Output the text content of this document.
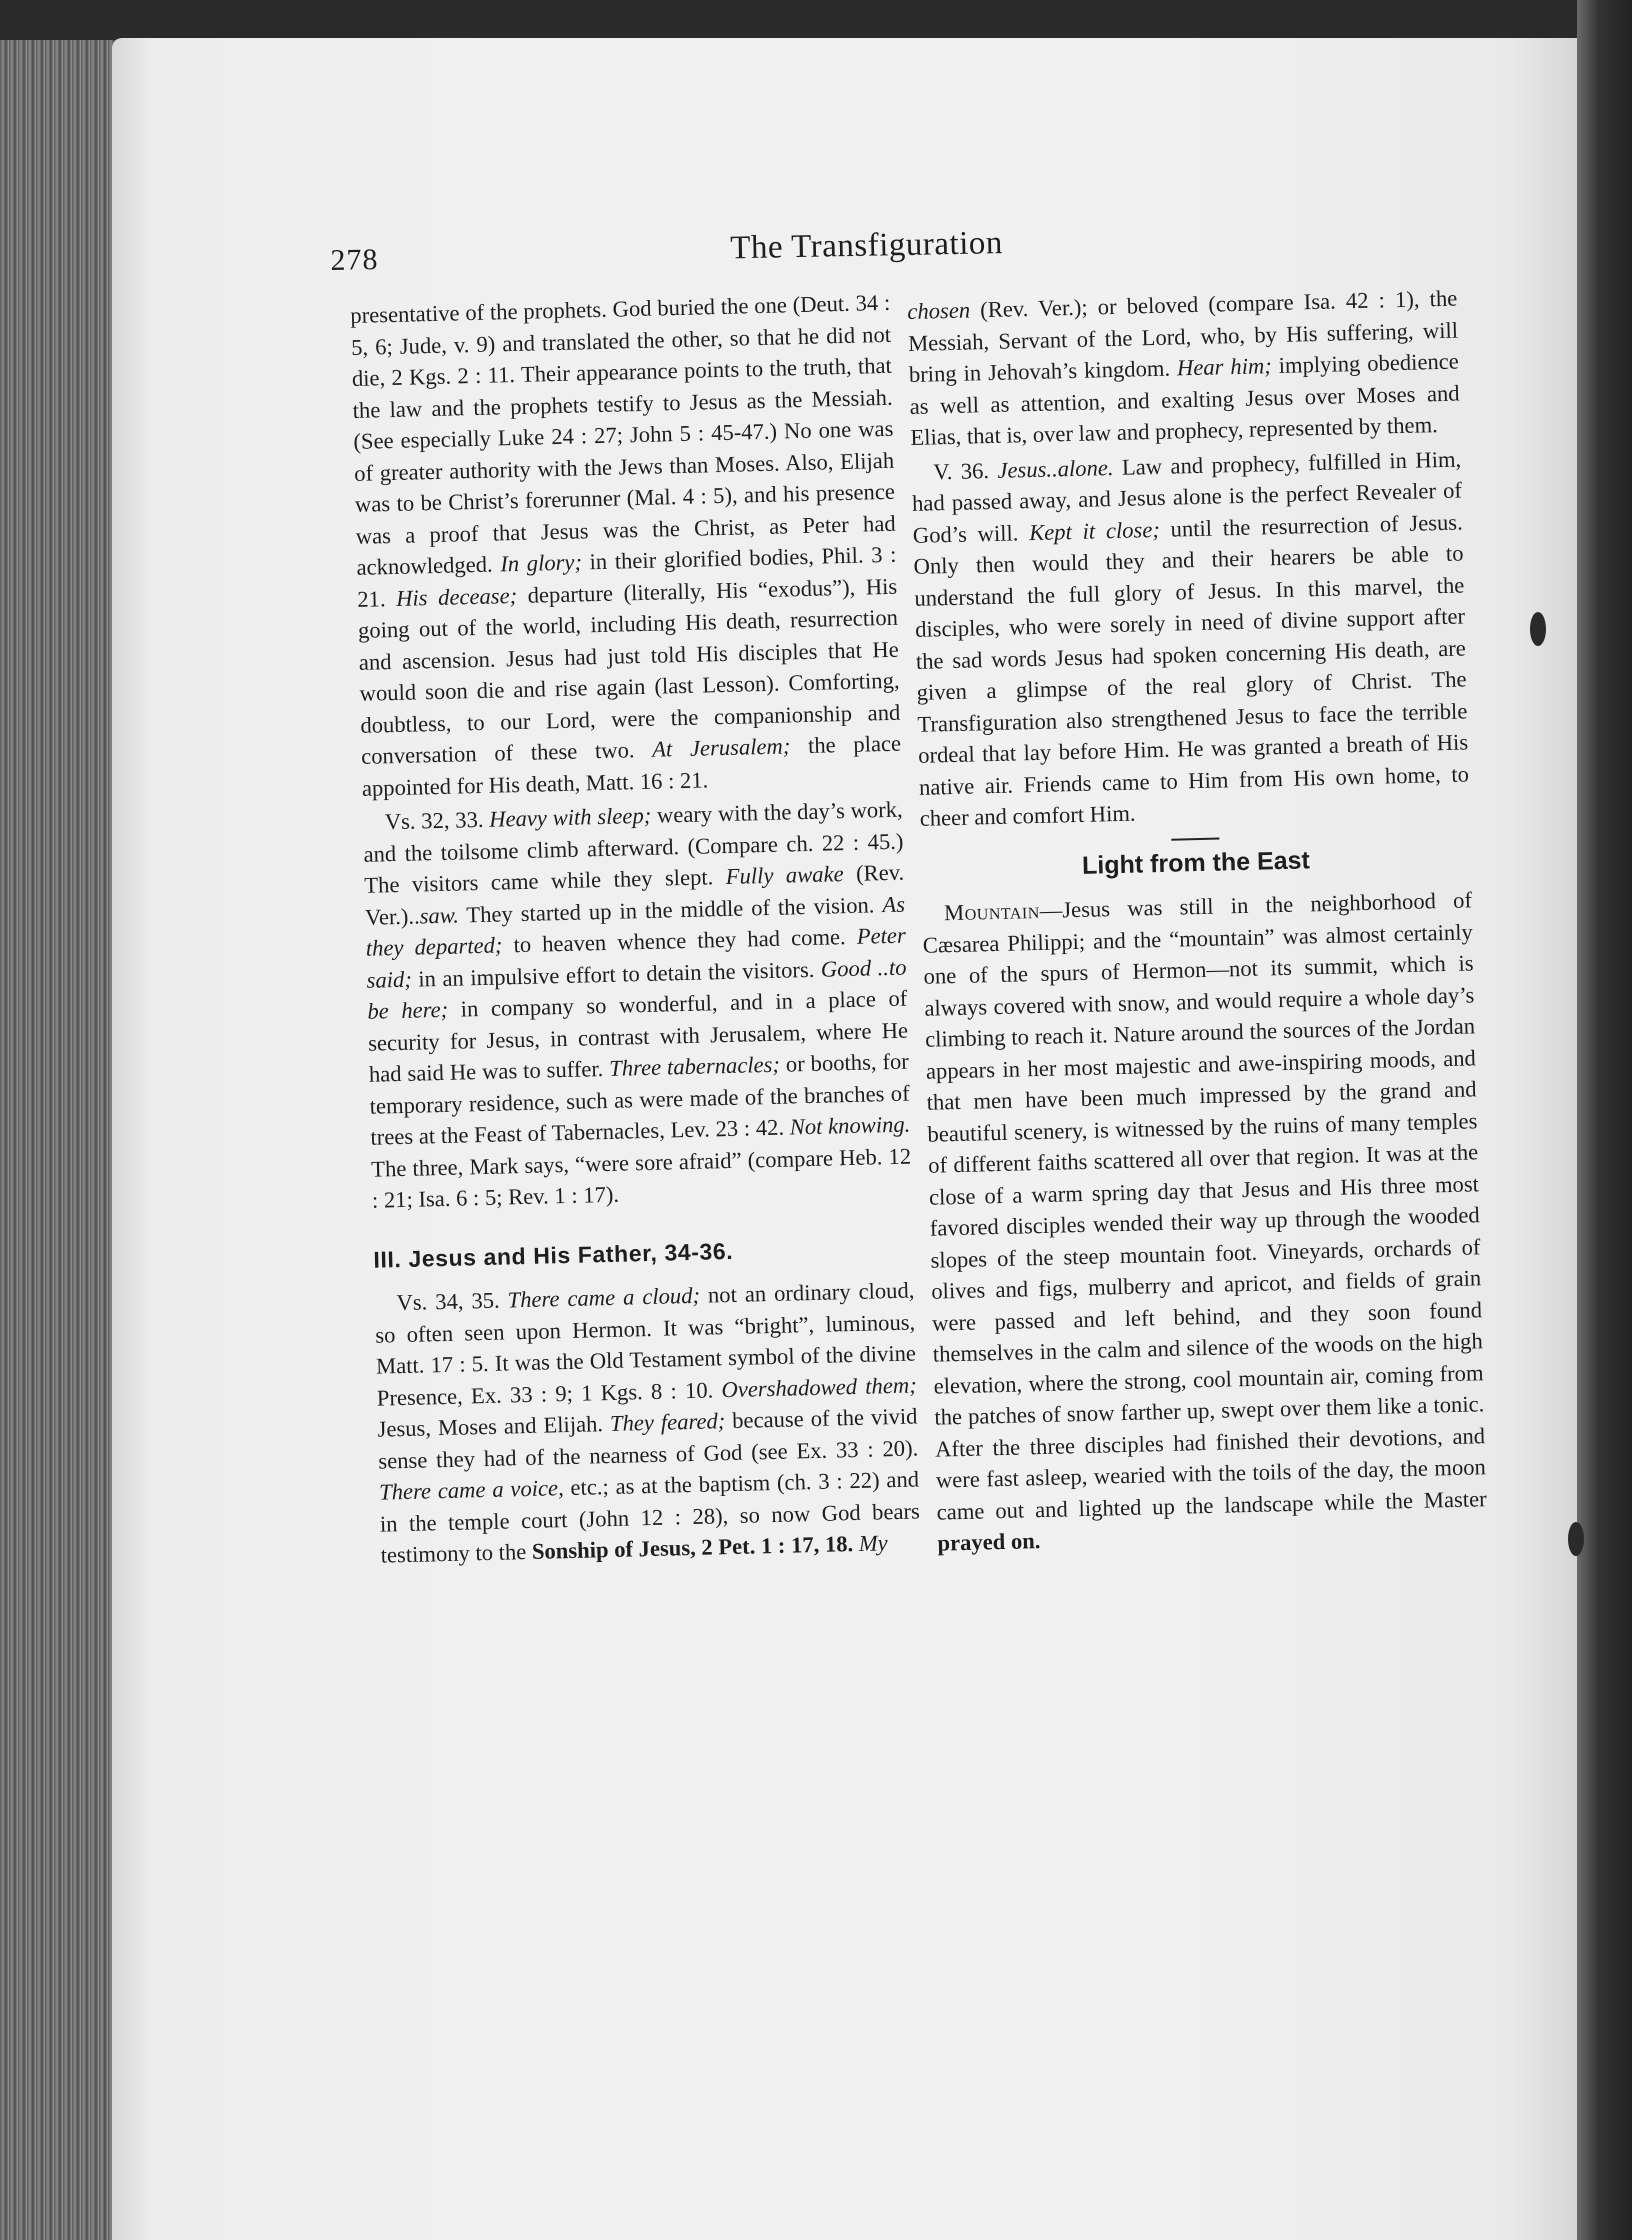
278	The Transfiguration

presentative of the prophets. God buried the one (Deut. 34 : 5, 6; Jude, v. 9) and translated the other, so that he did not die, 2 Kgs. 2 : 11. Their appearance points to the truth, that the law and the prophets testify to Jesus as the Messiah. (See especially Luke 24 : 27; John 5 : 45-47.) No one was of greater authority with the Jews than Moses. Also, Elijah was to be Christ’s forerunner (Mal. 4 : 5), and his presence was a proof that Jesus was the Christ, as Peter had acknowledged. In glory; in their glorified bodies, Phil. 3 : 21. His decease; departure (literally, His “exodus”), His going out of the world, including His death, resurrection and ascension. Jesus had just told His disciples that He would soon die and rise again (last Lesson). Comforting, doubtless, to our Lord, were the companionship and conversation of these two. At Jerusalem; the place appointed for His death, Matt. 16 : 21.

Vs. 32, 33. Heavy with sleep; weary with the day’s work, and the toilsome climb afterward. (Compare ch. 22 : 45.) The visitors came while they slept. Fully awake (Rev. Ver.)..saw. They started up in the middle of the vision. As they departed; to heaven whence they had come. Peter said; in an impulsive effort to detain the visitors. Good ..to be here; in company so wonderful, and in a place of security for Jesus, in contrast with Jerusalem, where He had said He was to suffer. Three tabernacles; or booths, for temporary residence, such as were made of the branches of trees at the Feast of Tabernacles, Lev. 23 : 42. Not knowing. The three, Mark says, “were sore afraid” (compare Heb. 12 : 21; Isa. 6 : 5; Rev. 1 : 17).

III. Jesus and His Father, 34-36.

Vs. 34, 35. There came a cloud; not an ordinary cloud, so often seen upon Hermon. It was “bright”, luminous, Matt. 17 : 5. It was the Old Testament symbol of the divine Presence, Ex. 33 : 9; 1 Kgs. 8 : 10. Overshadowed them; Jesus, Moses and Elijah. They feared; because of the vivid sense they had of the nearness of God (see Ex. 33 : 20). There came a voice, etc.; as at the baptism (ch. 3 : 22) and in the temple court (John 12 : 28), so now God bears testimony to the Sonship of Jesus, 2 Pet. 1 : 17, 18. My

chosen (Rev. Ver.); or beloved (compare Isa. 42 : 1), the Messiah, Servant of the Lord, who, by His suffering, will bring in Jehovah’s kingdom. Hear him; implying obedience as well as attention, and exalting Jesus over Moses and Elias, that is, over law and prophecy, represented by them.

V. 36. Jesus..alone. Law and prophecy, fulfilled in Him, had passed away, and Jesus alone is the perfect Revealer of God’s will. Kept it close; until the resurrection of Jesus. Only then would they and their hearers be able to understand the full glory of Jesus. In this marvel, the disciples, who were sorely in need of divine support after the sad words Jesus had spoken concerning His death, are given a glimpse of the real glory of Christ. The Transfiguration also strengthened Jesus to face the terrible ordeal that lay before Him. He was granted a breath of His native air. Friends came to Him from His own home, to cheer and comfort Him.

Light from the East

Mountain—Jesus was still in the neighborhood of Cæsarea Philippi; and the “mountain” was almost certainly one of the spurs of Hermon—not its summit, which is always covered with snow, and would require a whole day’s climbing to reach it. Nature around the sources of the Jordan appears in her most majestic and awe-inspiring moods, and that men have been much impressed by the grand and beautiful scenery, is witnessed by the ruins of many temples of different faiths scattered all over that region. It was at the close of a warm spring day that Jesus and His three most favored disciples wended their way up through the wooded slopes of the steep mountain foot. Vineyards, orchards of olives and figs, mulberry and apricot, and fields of grain were passed and left behind, and they soon found themselves in the calm and silence of the woods on the high elevation, where the strong, cool mountain air, coming from the patches of snow farther up, swept over them like a tonic. After the three disciples had finished their devotions, and were fast asleep, wearied with the toils of the day, the moon came out and lighted up the landscape while the Master prayed on.
